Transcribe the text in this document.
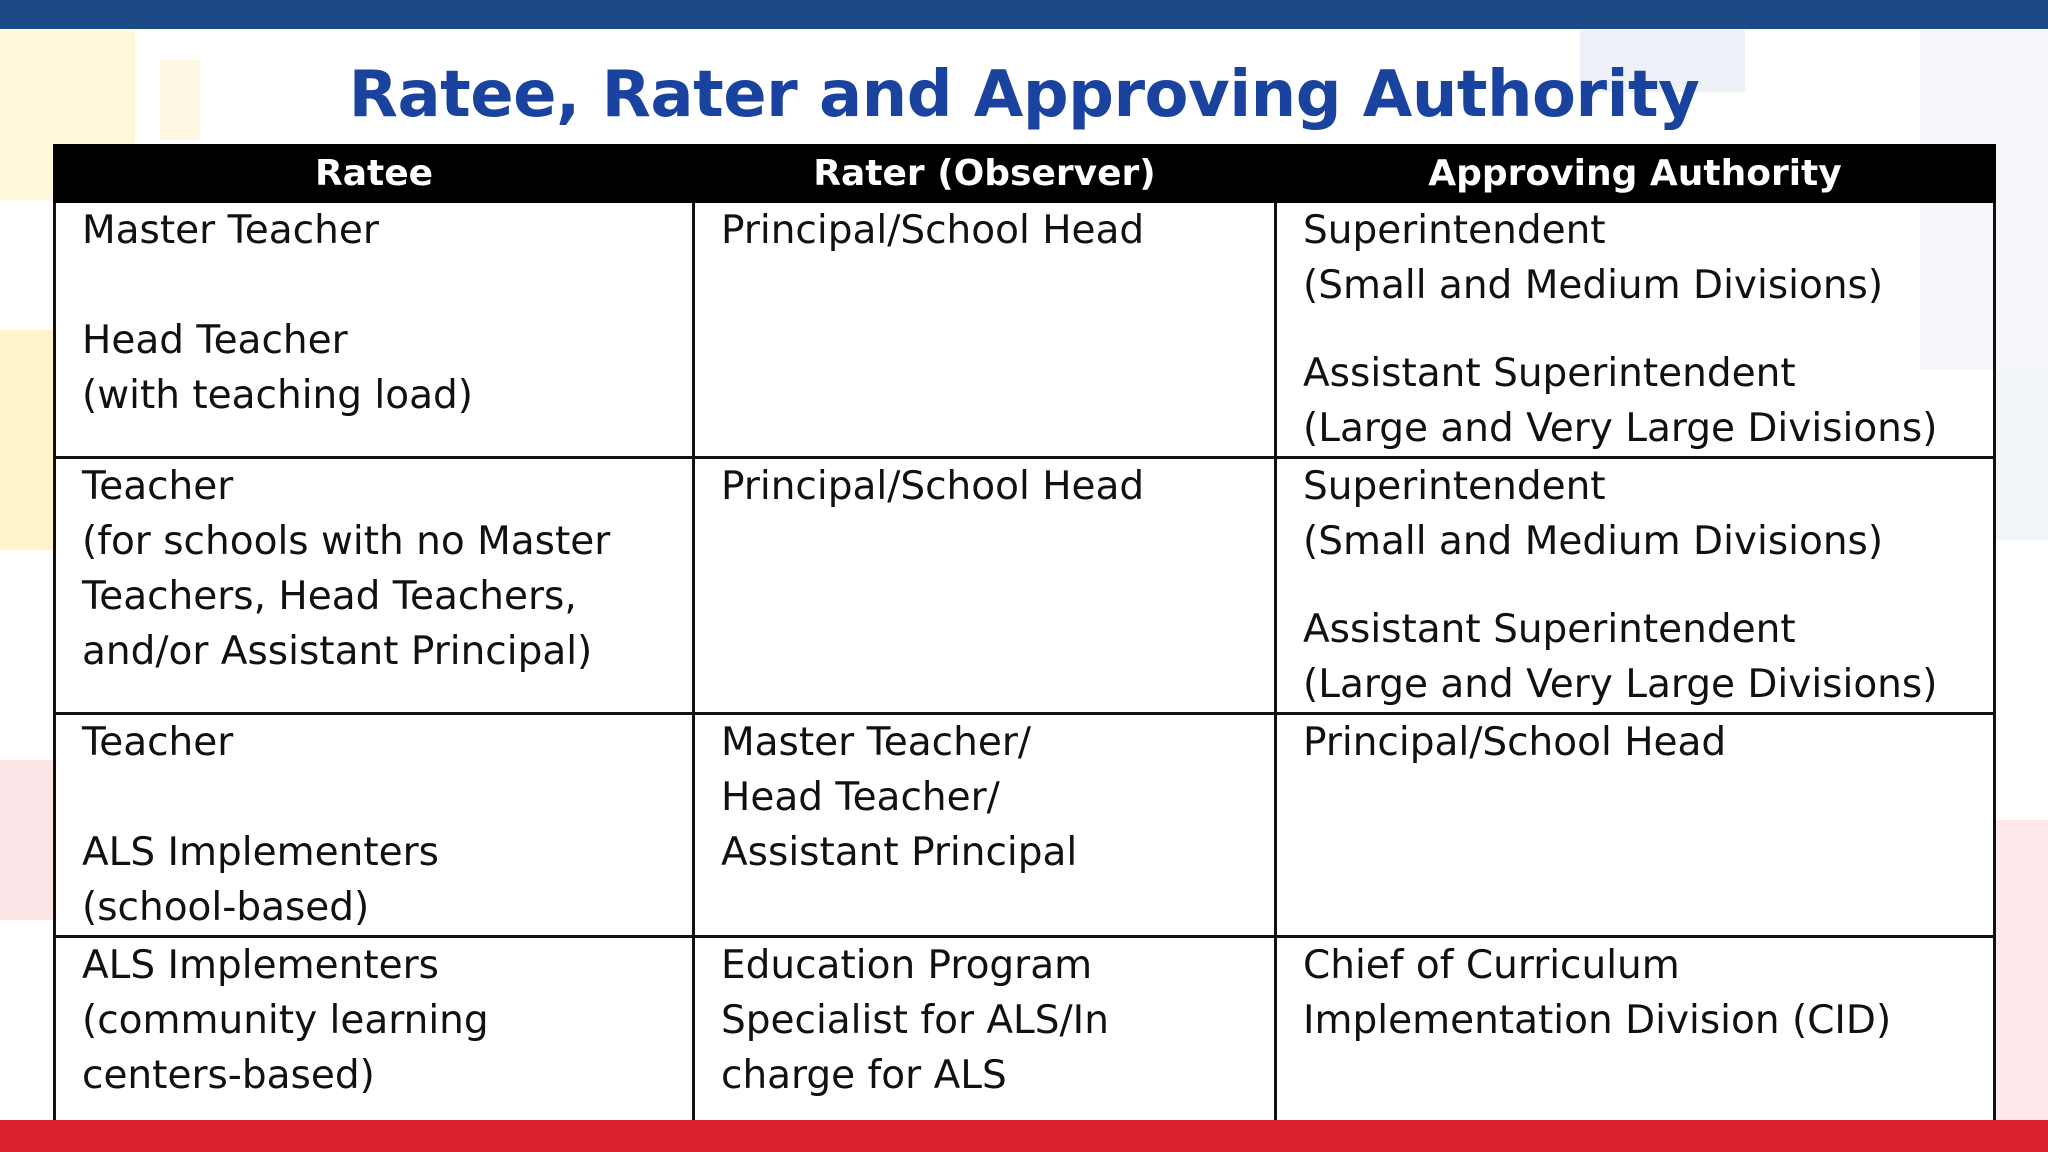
Ratee, Rater and Approving Authority
Ratee	Rater (Observer)	Approving Authority

Master Teacher
Head Teacher
(with teaching load)	Principal/School Head	Superintendent
(Small and Medium Divisions)
Assistant Superintendent
(Large and Very Large Divisions)

Teacher
(for schools with no Master
Teachers, Head Teachers,
and/or Assistant Principal)	Principal/School Head	Superintendent
(Small and Medium Divisions)
Assistant Superintendent
(Large and Very Large Divisions)

Teacher
ALS Implementers
(school-based)	Master Teacher/
Head Teacher/
Assistant Principal	Principal/School Head

ALS Implementers
(community learning
centers-based)	Education Program
Specialist for ALS/In
charge for ALS	Chief of Curriculum
Implementation Division (CID)
